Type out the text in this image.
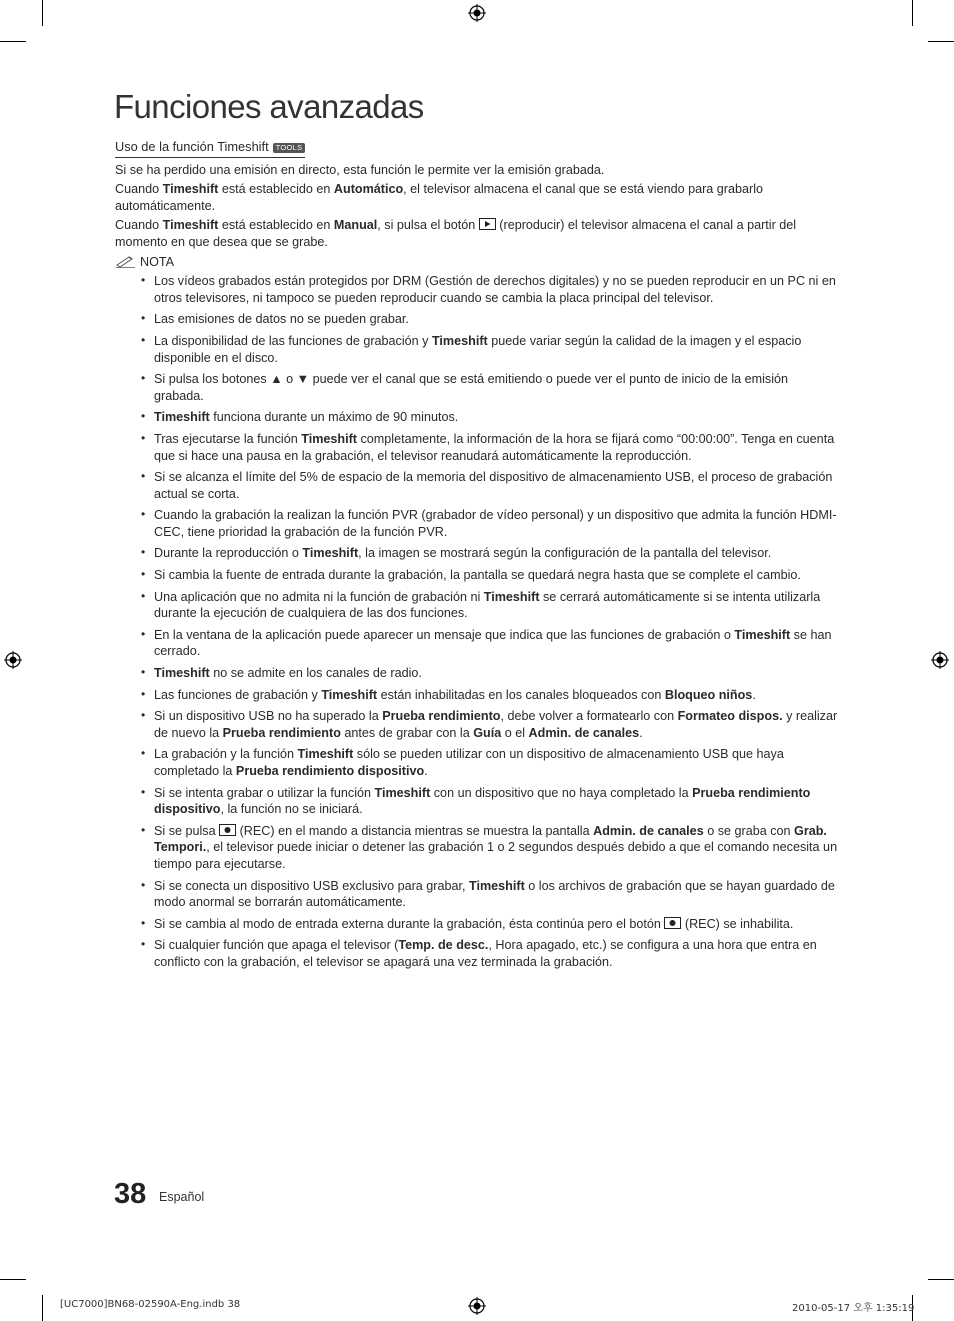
Funciones avanzadas
Uso de la función Timeshift TOOLS

Si se ha perdido una emisión en directo, esta función le permite ver la emisión grabada.

Cuando Timeshift está establecido en Automático, el televisor almacena el canal que se está viendo para grabarlo automáticamente.

Cuando Timeshift está establecido en Manual, si pulsa el botón  (reproducir) el televisor almacena el canal a partir del momento en que desea que se grabe.

NOTA
• Los vídeos grabados están protegidos por DRM (Gestión de derechos digitales) y no se pueden reproducir en un PC ni en otros televisores, ni tampoco se pueden reproducir cuando se cambia la placa principal del televisor.
• Las emisiones de datos no se pueden grabar.
• La disponibilidad de las funciones de grabación y Timeshift puede variar según la calidad de la imagen y el espacio disponible en el disco.
• Si pulsa los botones ▲ o ▼ puede ver el canal que se está emitiendo o puede ver el punto de inicio de la emisión grabada.
• Timeshift funciona durante un máximo de 90 minutos.
• Tras ejecutarse la función Timeshift completamente, la información de la hora se fijará como “00:00:00”. Tenga en cuenta que si hace una pausa en la grabación, el televisor reanudará automáticamente la reproducción.
• Si se alcanza el límite del 5% de espacio de la memoria del dispositivo de almacenamiento USB, el proceso de grabación actual se corta.
• Cuando la grabación la realizan la función PVR (grabador de vídeo personal) y un dispositivo que admita la función HDMI-CEC, tiene prioridad la grabación de la función PVR.
• Durante la reproducción o Timeshift, la imagen se mostrará según la configuración de la pantalla del televisor.
• Si cambia la fuente de entrada durante la grabación, la pantalla se quedará negra hasta que se complete el cambio.
• Una aplicación que no admita ni la función de grabación ni Timeshift se cerrará automáticamente si se intenta utilizarla durante la ejecución de cualquiera de las dos funciones.
• En la ventana de la aplicación puede aparecer un mensaje que indica que las funciones de grabación o Timeshift se han cerrado.
• Timeshift no se admite en los canales de radio.
• Las funciones de grabación y Timeshift están inhabilitadas en los canales bloqueados con Bloqueo niños.
• Si un dispositivo USB no ha superado la Prueba rendimiento, debe volver a formatearlo con Formateo dispos. y realizar de nuevo la Prueba rendimiento antes de grabar con la Guía o el Admin. de canales.
• La grabación y la función Timeshift sólo se pueden utilizar con un dispositivo de almacenamiento USB que haya completado la Prueba rendimiento dispositivo.
• Si se intenta grabar o utilizar la función Timeshift con un dispositivo que no haya completado la Prueba rendimiento dispositivo, la función no se iniciará.
• Si se pulsa  (REC) en el mando a distancia mientras se muestra la pantalla Admin. de canales o se graba con Grab. Tempori., el televisor puede iniciar o detener las grabación 1 o 2 segundos después debido a que el comando necesita un tiempo para ejecutarse.
• Si se conecta un dispositivo USB exclusivo para grabar, Timeshift o los archivos de grabación que se hayan guardado de modo anormal se borrarán automáticamente.
• Si se cambia al modo de entrada externa durante la grabación, ésta continúa pero el botón  (REC) se inhabilita.
• Si cualquier función que apaga el televisor (Temp. de desc., Hora apagado, etc.) se configura a una hora que entra en conflicto con la grabación, el televisor se apagará una vez terminada la grabación.

38 Español
[UC7000]BN68-02590A-Eng.indb 38	2010-05-17 오후 1:35:19
